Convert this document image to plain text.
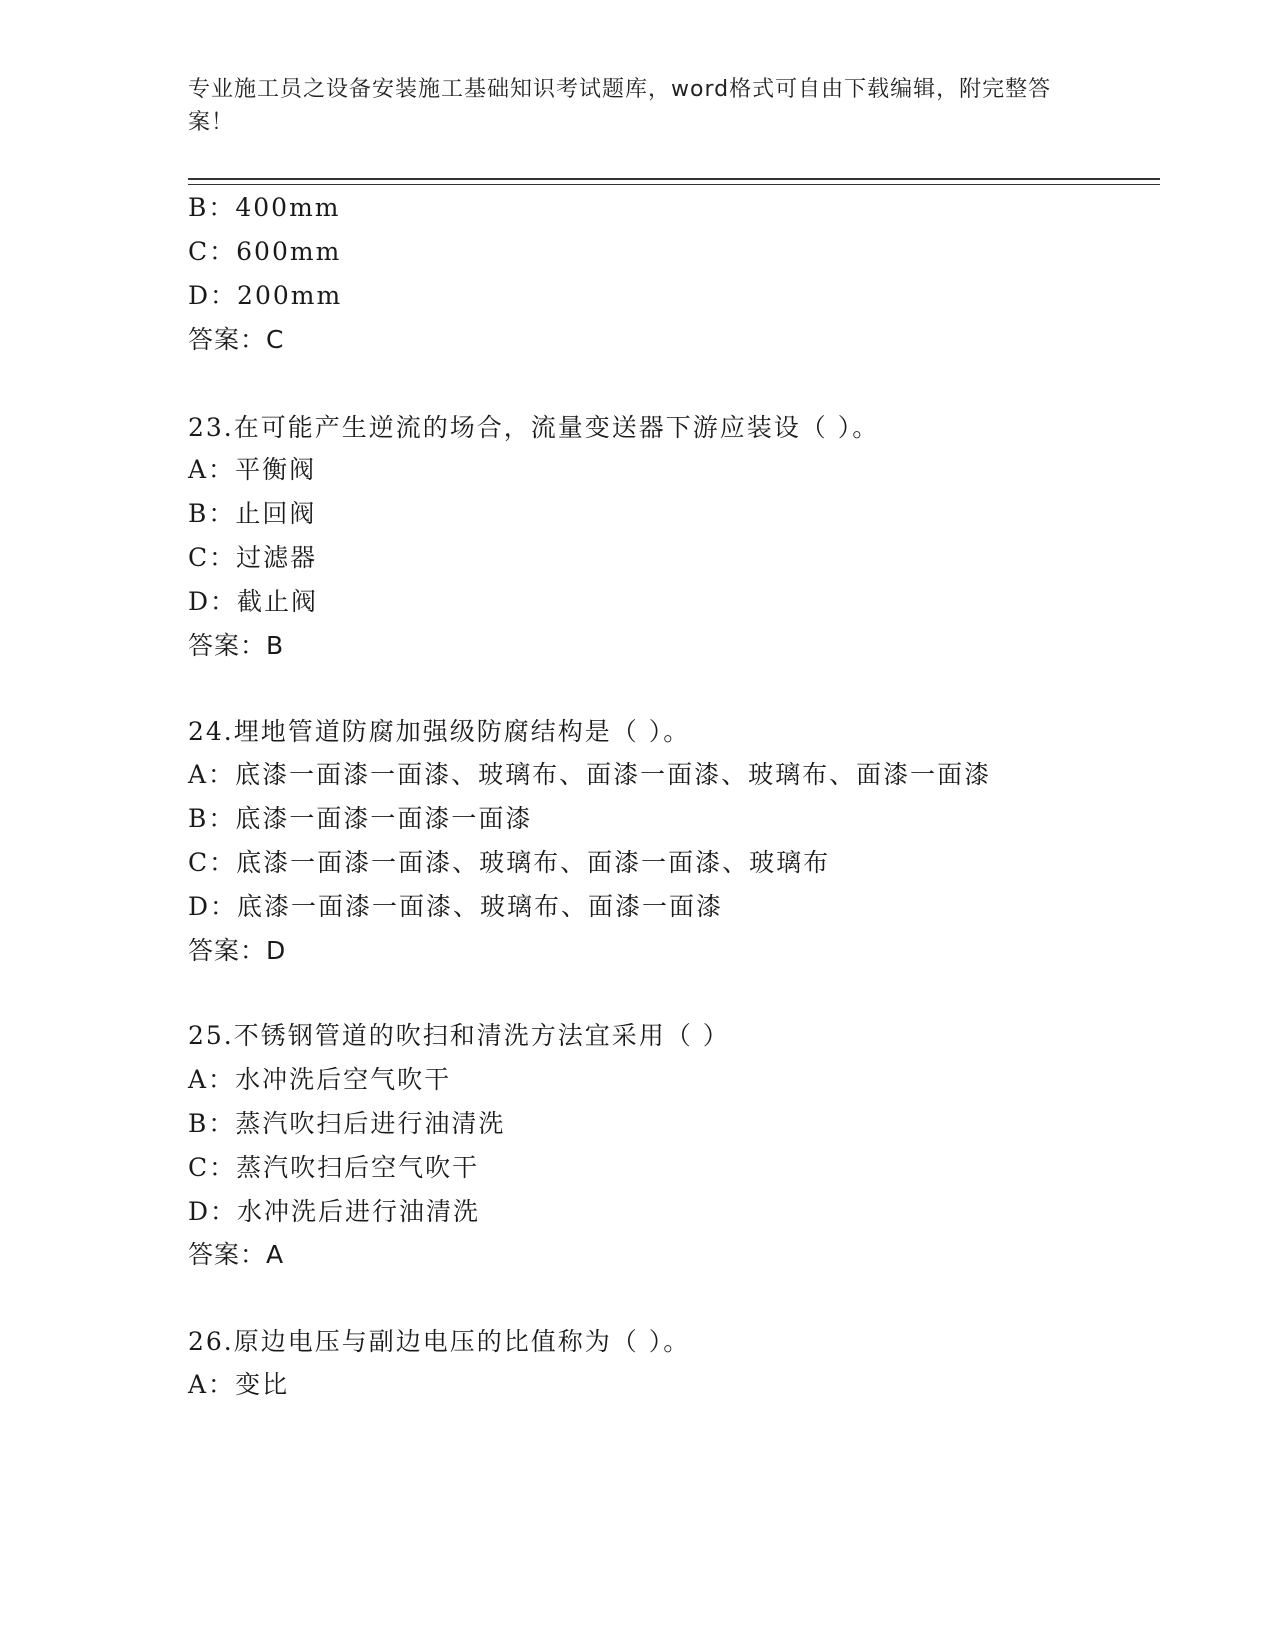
专业施工员之设备安装施工基础知识考试题库，word格式可自由下载编辑，附完整答案！
B：400mm
C：600mm
D：200mm
答案：C
23.在可能产生逆流的场合，流量变送器下游应装设（ ）。
A：平衡阀
B：止回阀
C：过滤器
D：截止阀
答案：B
24.埋地管道防腐加强级防腐结构是（ ）。
A：底漆一面漆一面漆、玻璃布、面漆一面漆、玻璃布、面漆一面漆
B：底漆一面漆一面漆一面漆
C：底漆一面漆一面漆、玻璃布、面漆一面漆、玻璃布
D：底漆一面漆一面漆、玻璃布、面漆一面漆
答案：D
25.不锈钢管道的吹扫和清洗方法宜采用（ ）
A：水冲洗后空气吹干
B：蒸汽吹扫后进行油清洗
C：蒸汽吹扫后空气吹干
D：水冲洗后进行油清洗
答案：A
26.原边电压与副边电压的比值称为（ ）。
A：变比
